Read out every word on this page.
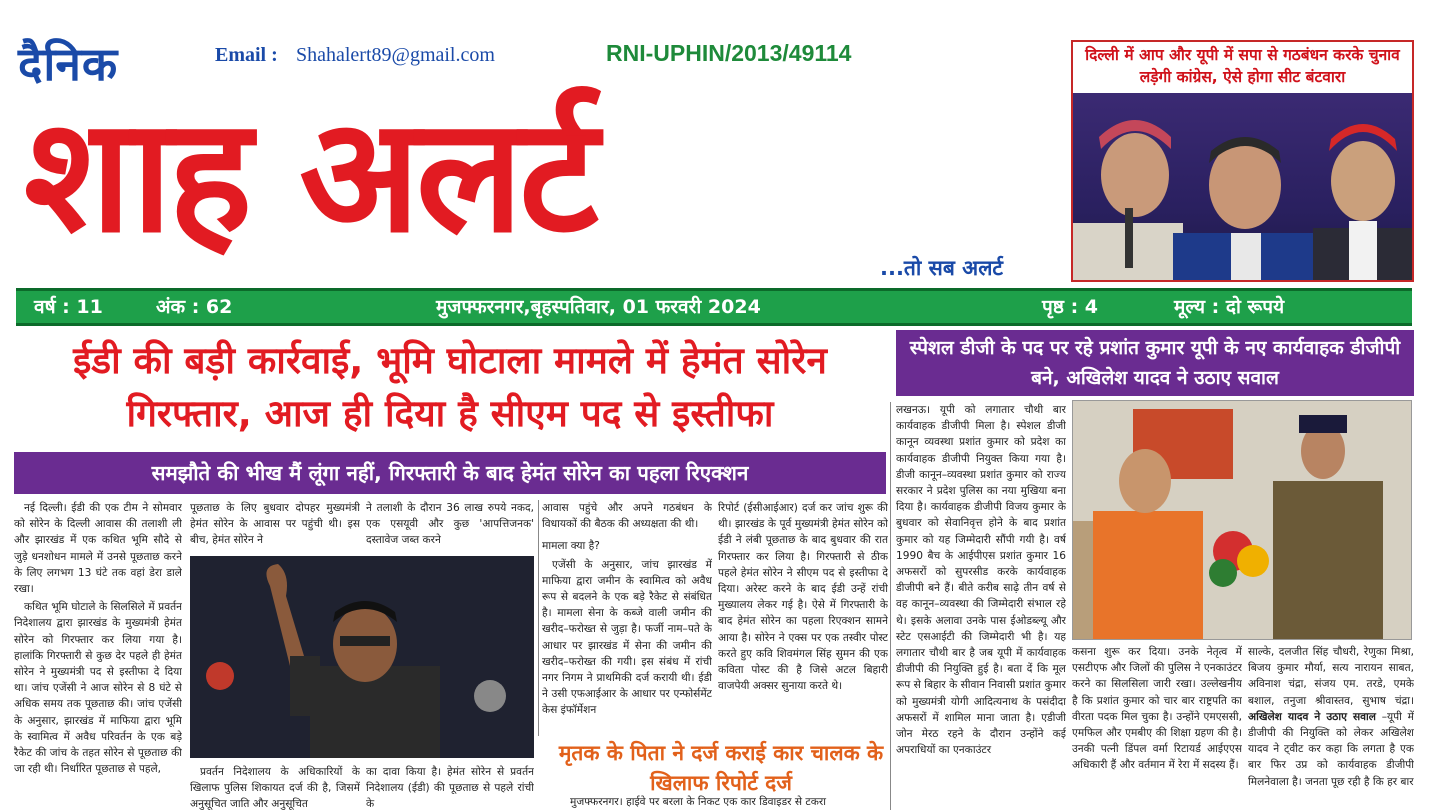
दैनिक	Email : Shahalert89@gmail.com	RNI-UPHIN/2013/49114
शाह अलर्ट	...तो सब अलर्ट
दिल्ली में आप और यूपी में सपा से गठबंधन करके चुनाव लड़ेगी कांग्रेस, ऐसे होगा सीट बंटवारा
वर्ष : 11	अंक : 62	मुजफ्फरनगर,बृहस्पतिवार, 01 फरवरी 2024	पृष्ठ : 4	मूल्य : दो रूपये
ईडी की बड़ी कार्रवाई, भूमि घोटाला मामले में हेमंत सोरेन गिरफ्तार, आज ही दिया है सीएम पद से इस्तीफा
समझौते की भीख मैं लूंगा नहीं, गिरफ्तारी के बाद हेमंत सोरेन का पहला रिएक्शन

नई दिल्ली। ईडी की एक टीम ने सोमवार को सोरेन के दिल्ली आवास की तलाशी ली और झारखंड में एक कथित भूमि सौदे से जुड़े धनशोधन मामले में उनसे पूछताछ करने के लिए लगभग 13 घंटे तक वहां डेरा डाले रखा।

कथित भूमि घोटाले के सिलसिले में प्रवर्तन निदेशालय द्वारा झारखंड के मुख्यमंत्री हेमंत सोरेन को गिरफ्तार कर लिया गया है। हालांकि गिरफ्तारी से कुछ देर पहले ही हेमंत सोरेन ने मुख्यमंत्री पद से इस्तीफा दे दिया था। जांच एजेंसी ने आज सोरेन से 8 घंटे से अधिक समय तक पूछताछ की। जांच एजेंसी के अनुसार, झारखंड में माफिया द्वारा भूमि के स्वामित्व में अवैध परिवर्तन के एक बड़े रैकेट की जांच के तहत सोरेन से पूछताछ की जा रही थी। निर्धारित पूछताछ से पहले,

पूछताछ के लिए बुधवार दोपहर मुख्यमंत्री हेमंत सोरेन के आवास पर पहुंची थी। इस बीच, हेमंत सोरेन ने

ने तलाशी के दौरान 36 लाख रुपये नकद, एक एसयूवी और कुछ 'आपत्तिजनक' दस्तावेज जब्त करने

प्रवर्तन निदेशालय के अधिकारियों के खिलाफ पुलिस शिकायत दर्ज की है, जिसमें अनुसूचित जाति और अनुसूचित

का दावा किया है। हेमंत सोरेन से प्रवर्तन निदेशालय (ईडी) की पूछताछ से पहले रांची के

आवास पहुंचे और अपने गठबंधन के विधायकों की बैठक की अध्यक्षता की थी।

मामला क्या है?

एजेंसी के अनुसार, जांच झारखंड में माफिया द्वारा जमीन के स्वामित्व को अवैध रूप से बदलने के एक बड़े रैकेट से संबंधित है। मामला सेना के कब्जे वाली जमीन की खरीद–फरोख्त से जुड़ा है। फर्जी नाम–पते के आधार पर झारखंड में सेना की जमीन की खरीद–फरोख्त की गयी। इस संबंध में रांची नगर निगम ने प्राथमिकी दर्ज करायी थी। ईडी ने उसी एफआईआर के आधार पर एन्फोर्समेंट केस इंफॉर्मेशन

रिपोर्ट (ईसीआईआर) दर्ज कर जांच शुरू की थी। झारखंड के पूर्व मुख्यमंत्री हेमंत सोरेन को ईडी ने लंबी पूछताछ के बाद बुधवार की रात गिरफ्तार कर लिया है। गिरफ्तारी से ठीक पहले हेमंत सोरेन ने सीएम पद से इस्तीफा दे दिया। अरेस्ट करने के बाद ईडी उन्हें रांची मुख्यालय लेकर गई है। ऐसे में गिरफ्तारी के बाद हेमंत सोरेन का पहला रिएक्शन सामने आया है। सोरेन ने एक्स पर एक तस्वीर पोस्ट करते हुए कवि शिवमंगल सिंह सुमन की एक कविता पोस्ट की है जिसे अटल बिहारी वाजपेयी अक्सर सुनाया करते थे।

मृतक के पिता ने दर्ज कराई कार चालक के खिलाफ रिपोर्ट दर्ज

मुजफ्फरनगर। हाईवे पर बरला के निकट एक कार डिवाइडर से टकरा

स्पेशल डीजी के पद पर रहे प्रशांत कुमार यूपी के नए कार्यवाहक डीजीपी बने, अखिलेश यादव ने उठाए सवाल

लखनऊ। यूपी को लगातार चौथी बार कार्यवाहक डीजीपी मिला है। स्पेशल डीजी कानून व्यवस्था प्रशांत कुमार को प्रदेश का कार्यवाहक डीजीपी नियुक्त किया गया है। डीजी कानून–व्यवस्था प्रशांत कुमार को राज्य सरकार ने प्रदेश पुलिस का नया मुखिया बना दिया है। कार्यवाहक डीजीपी विजय कुमार के बुधवार को सेवानिवृत्त होने के बाद प्रशांत कुमार को यह जिम्मेदारी सौंपी गयी है। वर्ष 1990 बैच के आईपीएस प्रशांत कुमार 16 अफसरों को सुपरसीड करके कार्यवाहक डीजीपी बने हैं। बीते करीब साढ़े तीन वर्ष से वह कानून–व्यवस्था की जिम्मेदारी संभाल रहे थे। इसके अलावा उनके पास ईओडब्ल्यू और स्टेट एसआईटी की जिम्मेदारी भी है। यह लगातार चौथी बार है जब यूपी में कार्यवाहक डीजीपी की नियुक्ति हुई है। बता दें कि मूल रूप से बिहार के सीवान निवासी प्रशांत कुमार को मुख्यमंत्री योगी आदित्यनाथ के पसंदीदा अफसरों में शामिल माना जाता है। एडीजी जोन मेरठ रहने के दौरान उन्होंने कई अपराधियों का एनकाउंटर

कसना शुरू कर दिया। उनके नेतृत्व में एसटीएफ और जिलों की पुलिस ने एनकाउंटर करने का सिलसिला जारी रखा। उल्लेखनीय है कि प्रशांत कुमार को चार बार राष्ट्रपति का वीरता पदक मिल चुका है। उन्होंने एमएससी, एमफिल और एमबीए की शिक्षा ग्रहण की है। उनकी पत्नी डिंपल वर्मा रिटायर्ड आईएएस अधिकारी हैं और वर्तमान में रेरा में सदस्य हैं।

साल्के, दलजीत सिंह चौधरी, रेणुका मिश्रा, बिजय कुमार मौर्या, सत्य नारायन साबत, अविनाश चंद्रा, संजय एम. तरडे, एमके बशाल, तनुजा श्रीवास्तव, सुभाष चंद्रा। अखिलेश यादव ने उठाए सवाल –यूपी में डीजीपी की नियुक्ति को लेकर अखिलेश यादव ने ट्वीट कर कहा कि लगता है एक बार फिर उप्र को कार्यवाहक डीजीपी मिलनेवाला है। जनता पूछ रही है कि हर बार
